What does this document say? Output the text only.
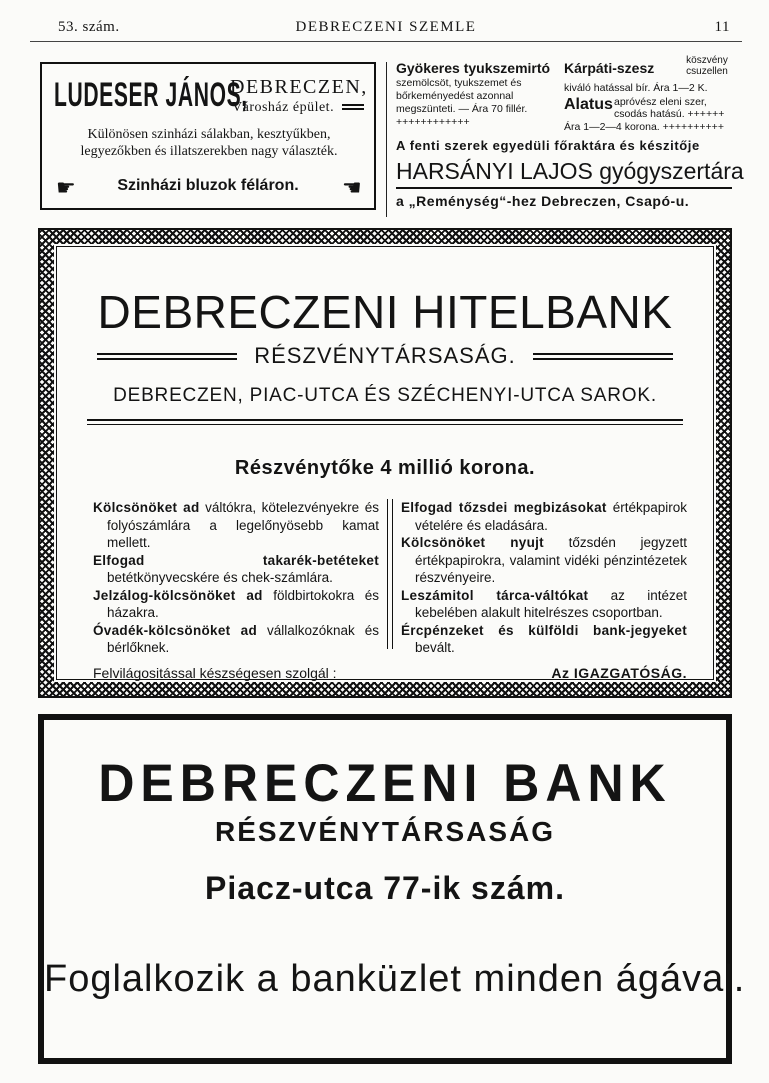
53. szám.	DEBRECZENI SZEMLE	11
LUDESER JÁNOS,
DEBRECZEN,
Városház épület.
Különösen szinházi sálakban, kesztyűkben, legyezőkben és illatszerekben nagy választék.
☛	Szinházi bluzok féláron.	☛
Gyökeres tyukszemirtó
szemölcsöt, tyukszemet és bőrkeményedést azonnal megszünteti. — Ára 70 fillér. ++++++++++++
Kárpáti-szesz	köszvény csuzellen
kiváló hatással bír. Ára 1—2 K.
Alatus apróvész eleni szer,
csodás hatású. ++++++
Ára 1—2—4 korona. ++++++++++
A fenti szerek egyedüli főraktára és készitője
HARSÁNYI LAJOS gyógyszertára
a „Reménység“-hez Debreczen, Csapó-u.
DEBRECZENI HITELBANK
RÉSZVÉNYTÁRSASÁG.
DEBRECZEN, PIAC-UTCA ÉS SZÉCHENYI-UTCA SAROK.
Részvénytőke 4 millió korona.

Kölcsönöket ad váltókra, kötelezvényekre és folyószámlára a legelőnyösebb kamat mellett.

Elfogad takarék-betéteket betétkönyvecskére és chek-számlára.

Jelzálog-kölcsönöket ad földbirtokokra és házakra.

Óvadék-kölcsönöket ad vállalkozóknak és bérlőknek.

Elfogad tőzsdei megbizásokat értékpapirok vételére és eladására.

Kölcsönöket nyujt tőzsdén jegyzett értékpapirokra, valamint vidéki pénzintézetek részvényeire.

Leszámitol tárca-váltókat az intézet kebelében alakult hitelrészes csoportban.

Ércpénzeket és külföldi bank-jegyeket bevált.

Felvilágositással készségesen szolgál :	Az IGAZGATÓSÁG.
DEBRECZENI BANK
RÉSZVÉNYTÁRSASÁG
Piacz-utca 77-ik szám.
Foglalkozik a banküzlet minden ágával.
